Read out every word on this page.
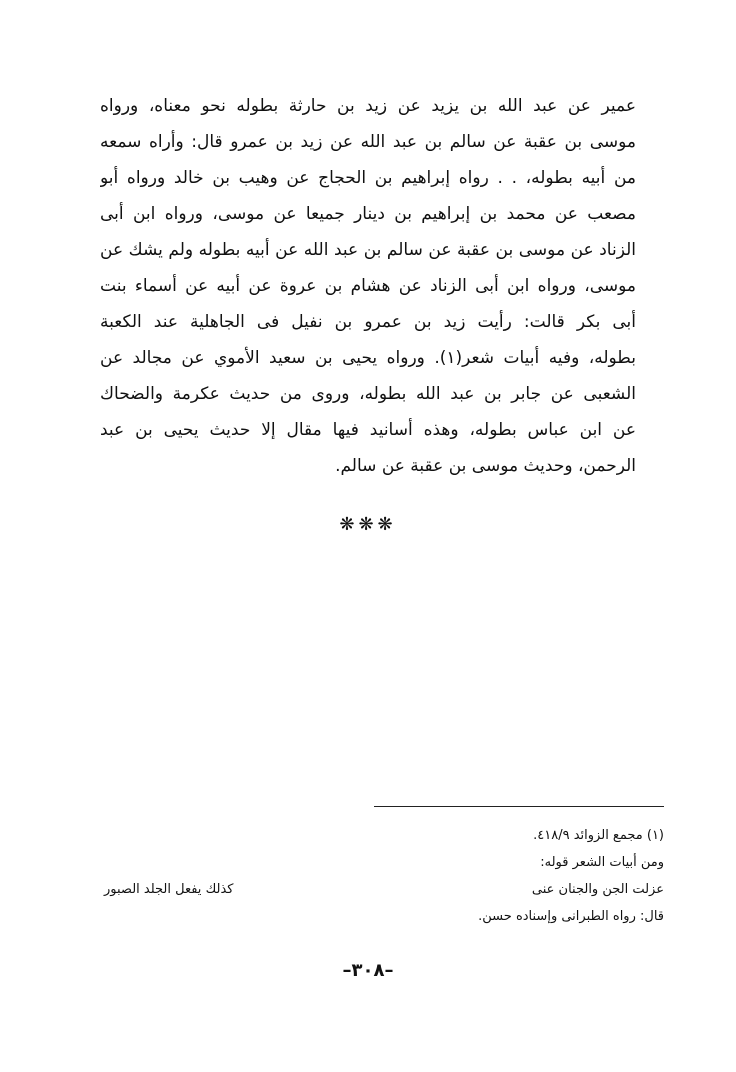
عمير عن عبد الله بن يزيد عن زيد بن حارثة بطوله نحو معناه، ورواه
موسى بن عقبة عن سالم بن عبد الله عن زيد بن عمرو قال: وأراه سمعه
من أبيه بطوله، . . رواه إبراهيم بن الحجاج عن وهيب بن خالد ورواه أبو
مصعب عن محمد بن إبراهيم بن دينار جميعا عن موسى، ورواه ابن أبى
الزناد عن موسى بن عقبة عن سالم بن عبد الله عن أبيه بطوله ولم يشك عن
موسى، ورواه ابن أبى الزناد عن هشام بن عروة عن أبيه عن أسماء بنت
أبى بكر قالت: رأيت زيد بن عمرو بن نفيل فى الجاهلية عند الكعبة
بطوله، وفيه أبيات شعر(١). ورواه يحيى بن سعيد الأموي عن مجالد عن
الشعبى عن جابر بن عبد الله بطوله، وروى من حديث عكرمة والضحاك
عن ابن عباس بطوله، وهذه أسانيد فيها مقال إلا حديث يحيى بن عبد
الرحمن، وحديث موسى بن عقبة عن سالم.
❋❋❋
(١) مجمع الزوائد ٤١٨/٩.
ومن أبيات الشعر قوله:
عزلت الجن والجنان عنى
كذلك يفعل الجلد الصبور
قال: رواه الطبرانى وإسناده حسن.
–٣٠٨–
